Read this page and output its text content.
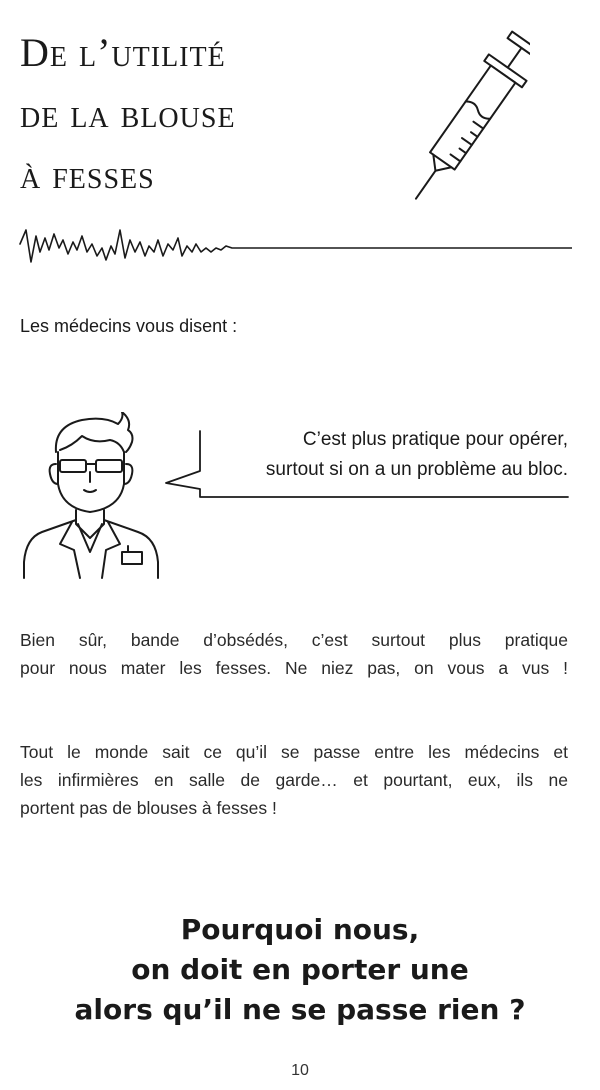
De l’utilité
de la blouse
à fesses
Les médecins vous disent :
C’est plus pratique pour opérer,
surtout si on a un problème au bloc.
Bien sûr, bande d’obsédés, c’est surtout plus pratique
pour nous mater les fesses. Ne niez pas, on vous a vus !
Tout le monde sait ce qu’il se passe entre les médecins et
les infirmières en salle de garde… et pourtant, eux, ils ne
portent pas de blouses à fesses !
Pourquoi nous,
on doit en porter une
alors qu’il ne se passe rien ?
10
